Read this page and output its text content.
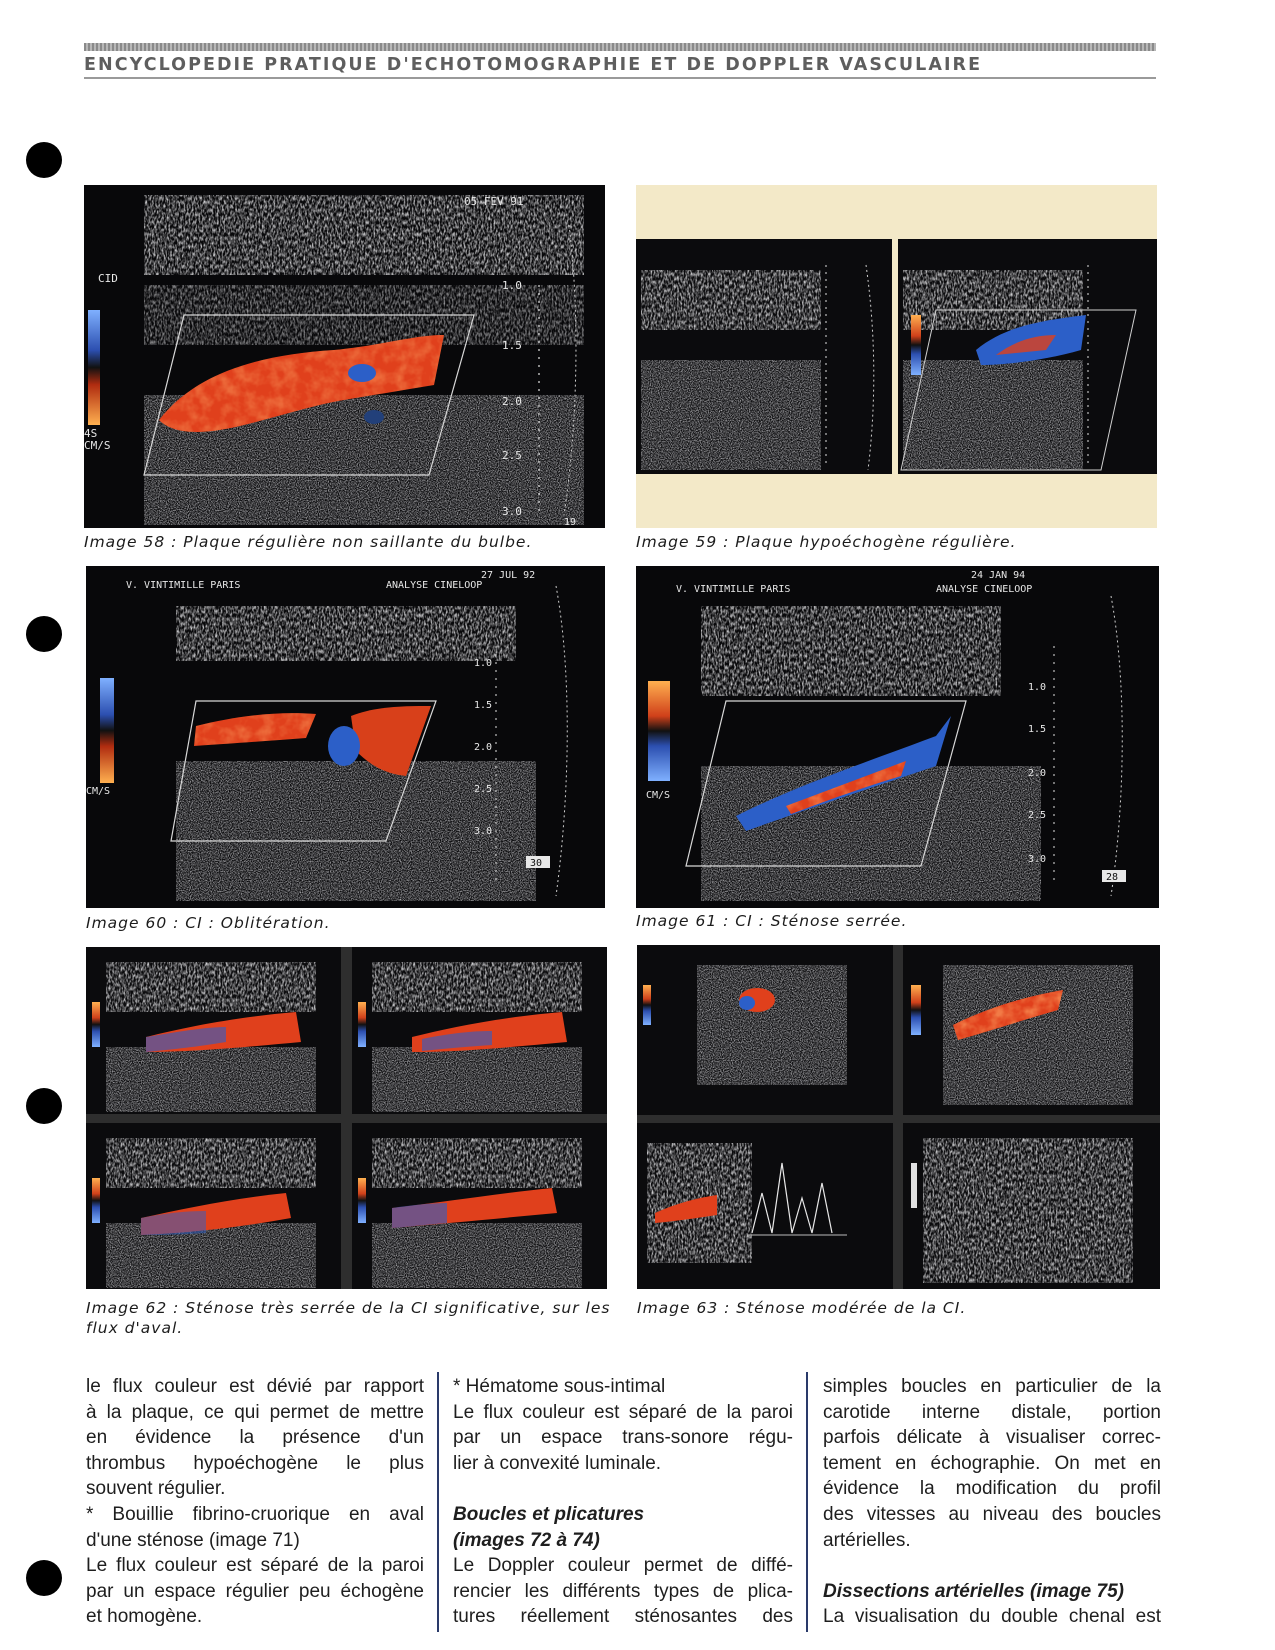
ENCYCLOPEDIE PRATIQUE D'ECHOTOMOGRAPHIE ET DE DOPPLER VASCULAIRE
05 FEV 91
CID
4S
CM/S
1.0
1.5
2.0
2.5
3.0
19
Image 58 : Plaque régulière non saillante du bulbe.	Image 59 : Plaque hypoéchogène régulière.
27 JUL 92
V. VINTIMILLE PARIS	ANALYSE CINELOOP
CM/S
1.0
1.5
2.0
2.5
3.0
30
Image 60 : CI : Oblitération.
24 JAN 94
V. VINTIMILLE PARIS	ANALYSE CINELOOP
CM/S
1.0
1.5
2.0
2.5
3.0
28
Image 61 : CI : Sténose serrée.
Image 62 : Sténose très serrée de la CI significative, sur les flux d'aval.
Image 63 : Sténose modérée de la CI.

le flux couleur est dévié par rapport

à la plaque, ce qui permet de mettre

en évidence la présence d'un

thrombus hypoéchogène le plus

souvent régulier.

* Bouillie fibrino-cruorique en aval

d'une sténose (image 71)

Le flux couleur est séparé de la paroi

par un espace régulier peu échogène

et homogène.

* Hématome sous-intimal

Le flux couleur est séparé de la paroi

par un espace trans-sonore régu-

lier à convexité luminale.

Boucles et plicatures

(images 72 à 74)

Le Doppler couleur permet de diffé-

rencier les différents types de plica-

tures réellement sténosantes des

simples boucles en particulier de la

carotide interne distale, portion

parfois délicate à visualiser correc-

tement en échographie. On met en

évidence la modification du profil

des vitesses au niveau des boucles

artérielles.

Dissections artérielles (image 75)

La visualisation du double chenal est
